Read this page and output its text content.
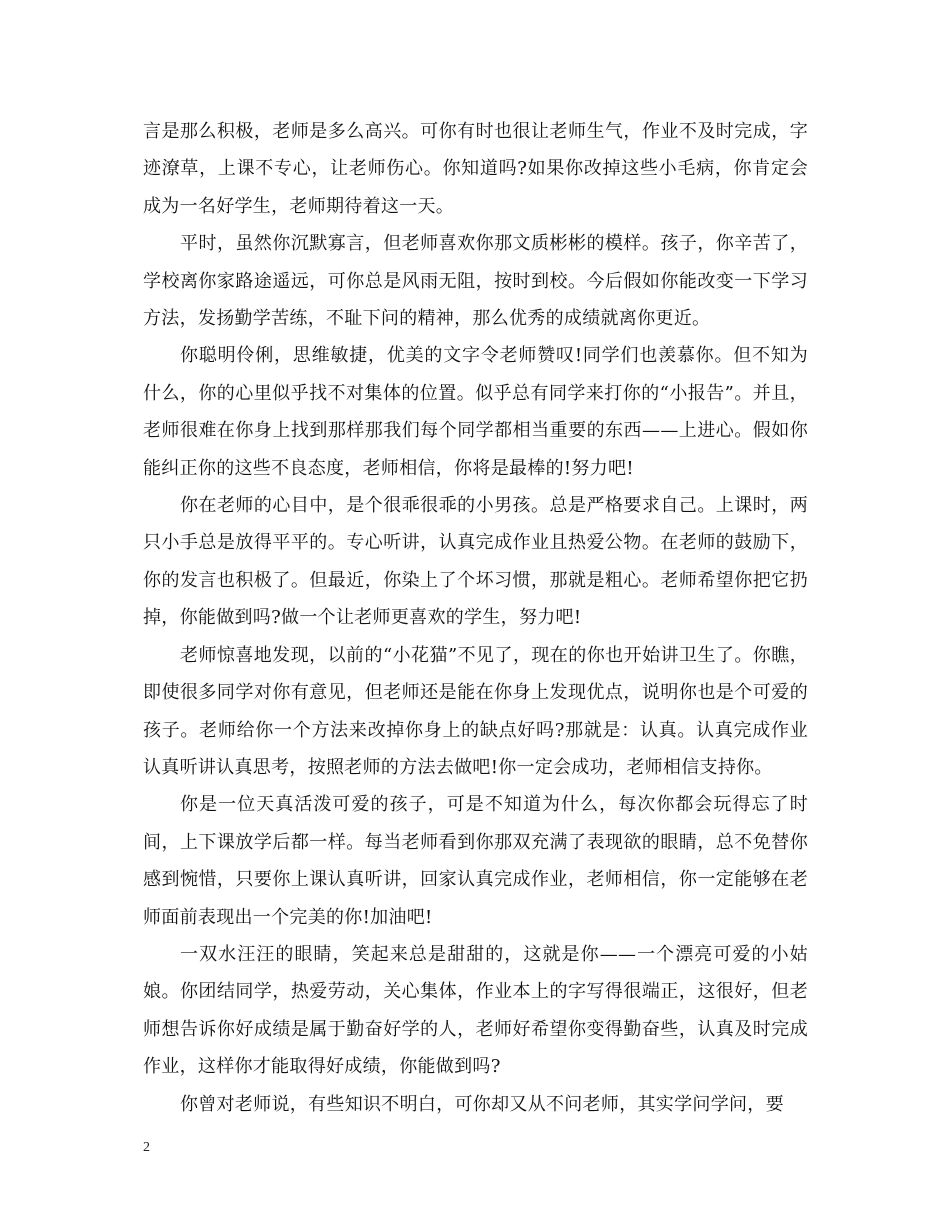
言是那么积极，老师是多么高兴。可你有时也很让老师生气，作业不及时完成，字迹潦草，上课不专心，让老师伤心。你知道吗?如果你改掉这些小毛病，你肯定会成为一名好学生，老师期待着这一天。

平时，虽然你沉默寡言，但老师喜欢你那文质彬彬的模样。孩子，你辛苦了，学校离你家路途遥远，可你总是风雨无阻，按时到校。今后假如你能改变一下学习方法，发扬勤学苦练，不耻下问的精神，那么优秀的成绩就离你更近。

你聪明伶俐，思维敏捷，优美的文字令老师赞叹!同学们也羡慕你。但不知为什么，你的心里似乎找不对集体的位置。似乎总有同学来打你的“小报告”。并且，老师很难在你身上找到那样那我们每个同学都相当重要的东西——上进心。假如你能纠正你的这些不良态度，老师相信，你将是最棒的!努力吧!

你在老师的心目中，是个很乖很乖的小男孩。总是严格要求自己。上课时，两只小手总是放得平平的。专心听讲，认真完成作业且热爱公物。在老师的鼓励下，你的发言也积极了。但最近，你染上了个坏习惯，那就是粗心。老师希望你把它扔掉，你能做到吗?做一个让老师更喜欢的学生，努力吧!

老师惊喜地发现，以前的“小花猫”不见了，现在的你也开始讲卫生了。你瞧，即使很多同学对你有意见，但老师还是能在你身上发现优点，说明你也是个可爱的孩子。老师给你一个方法来改掉你身上的缺点好吗?那就是：认真。认真完成作业认真听讲认真思考，按照老师的方法去做吧!你一定会成功，老师相信支持你。

你是一位天真活泼可爱的孩子，可是不知道为什么，每次你都会玩得忘了时间，上下课放学后都一样。每当老师看到你那双充满了表现欲的眼睛，总不免替你感到惋惜，只要你上课认真听讲，回家认真完成作业，老师相信，你一定能够在老师面前表现出一个完美的你!加油吧!

一双水汪汪的眼睛，笑起来总是甜甜的，这就是你——一个漂亮可爱的小姑娘。你团结同学，热爱劳动，关心集体，作业本上的字写得很端正，这很好，但老师想告诉你好成绩是属于勤奋好学的人，老师好希望你变得勤奋些，认真及时完成作业，这样你才能取得好成绩，你能做到吗?

你曾对老师说，有些知识不明白，可你却又从不问老师，其实学问学问，要

2
